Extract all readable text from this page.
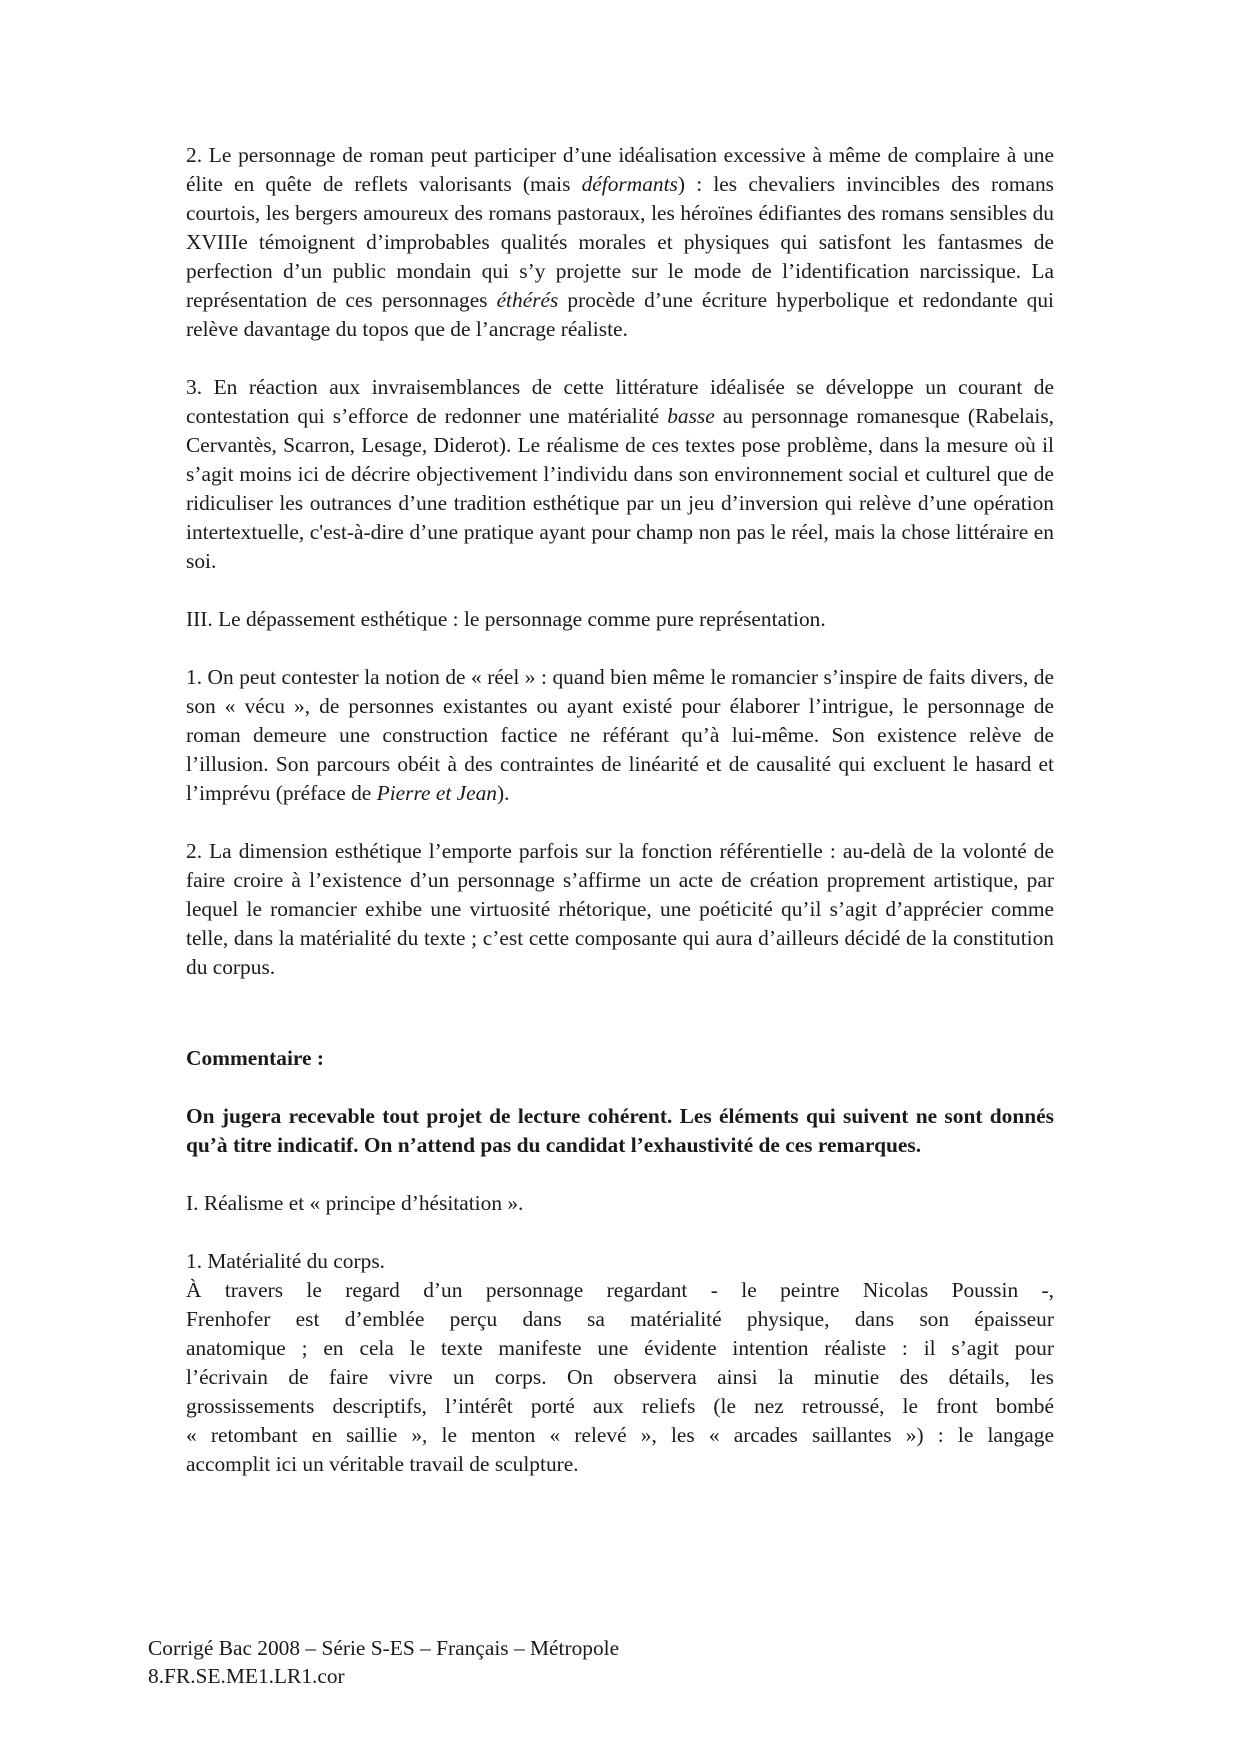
2. Le personnage de roman peut participer d’une idéalisation excessive à même de complaire à une élite en quête de reflets valorisants (mais déformants) : les chevaliers invincibles des romans courtois, les bergers amoureux des romans pastoraux, les héroïnes édifiantes des romans sensibles du XVIIIe témoignent d’improbables qualités morales et physiques qui satisfont les fantasmes de perfection d’un public mondain qui s’y projette sur le mode de l’identification narcissique. La représentation de ces personnages éthérés procède d’une écriture hyperbolique et redondante qui relève davantage du topos que de l’ancrage réaliste.

3. En réaction aux invraisemblances de cette littérature idéalisée se développe un courant de contestation qui s’efforce de redonner une matérialité basse au personnage romanesque (Rabelais, Cervantès, Scarron, Lesage, Diderot). Le réalisme de ces textes pose problème, dans la mesure où il s’agit moins ici de décrire objectivement l’individu dans son environnement social et culturel que de ridiculiser les outrances d’une tradition esthétique par un jeu d’inversion qui relève d’une opération intertextuelle, c'est-à-dire d’une pratique ayant pour champ non pas le réel, mais la chose littéraire en soi.

III. Le dépassement esthétique : le personnage comme pure représentation.

1. On peut contester la notion de « réel » : quand bien même le romancier s’inspire de faits divers, de son « vécu », de personnes existantes ou ayant existé pour élaborer l’intrigue, le personnage de roman demeure une construction factice ne référant qu’à lui-même. Son existence relève de l’illusion. Son parcours obéit à des contraintes de linéarité et de causalité qui excluent le hasard et l’imprévu (préface de Pierre et Jean).

2. La dimension esthétique l’emporte parfois sur la fonction référentielle : au-delà de la volonté de faire croire à l’existence d’un personnage s’affirme un acte de création proprement artistique, par lequel le romancier exhibe une virtuosité rhétorique, une poéticité qu’il s’agit d’apprécier comme telle, dans la matérialité du texte ; c’est cette composante qui aura d’ailleurs décidé de la constitution du corpus.

Commentaire :

On jugera recevable tout projet de lecture cohérent. Les éléments qui suivent ne sont donnés qu’à titre indicatif. On n’attend pas du candidat l’exhaustivité de ces remarques.

I. Réalisme et « principe d’hésitation ».

1. Matérialité du corps.

À travers le regard d’un personnage regardant - le peintre Nicolas Poussin -,
Frenhofer est d’emblée perçu dans sa matérialité physique, dans son épaisseur
anatomique ; en cela le texte manifeste une évidente intention réaliste : il s’agit pour
l’écrivain de faire vivre un corps. On observera ainsi la minutie des détails, les
grossissements descriptifs, l’intérêt porté aux reliefs (le nez retroussé, le front bombé
« retombant en saillie », le menton « relevé », les « arcades saillantes ») : le langage
accomplit ici un véritable travail de sculpture.

Corrigé Bac 2008 – Série S-ES – Français – Métropole
8.FR.SE.ME1.LR1.cor
